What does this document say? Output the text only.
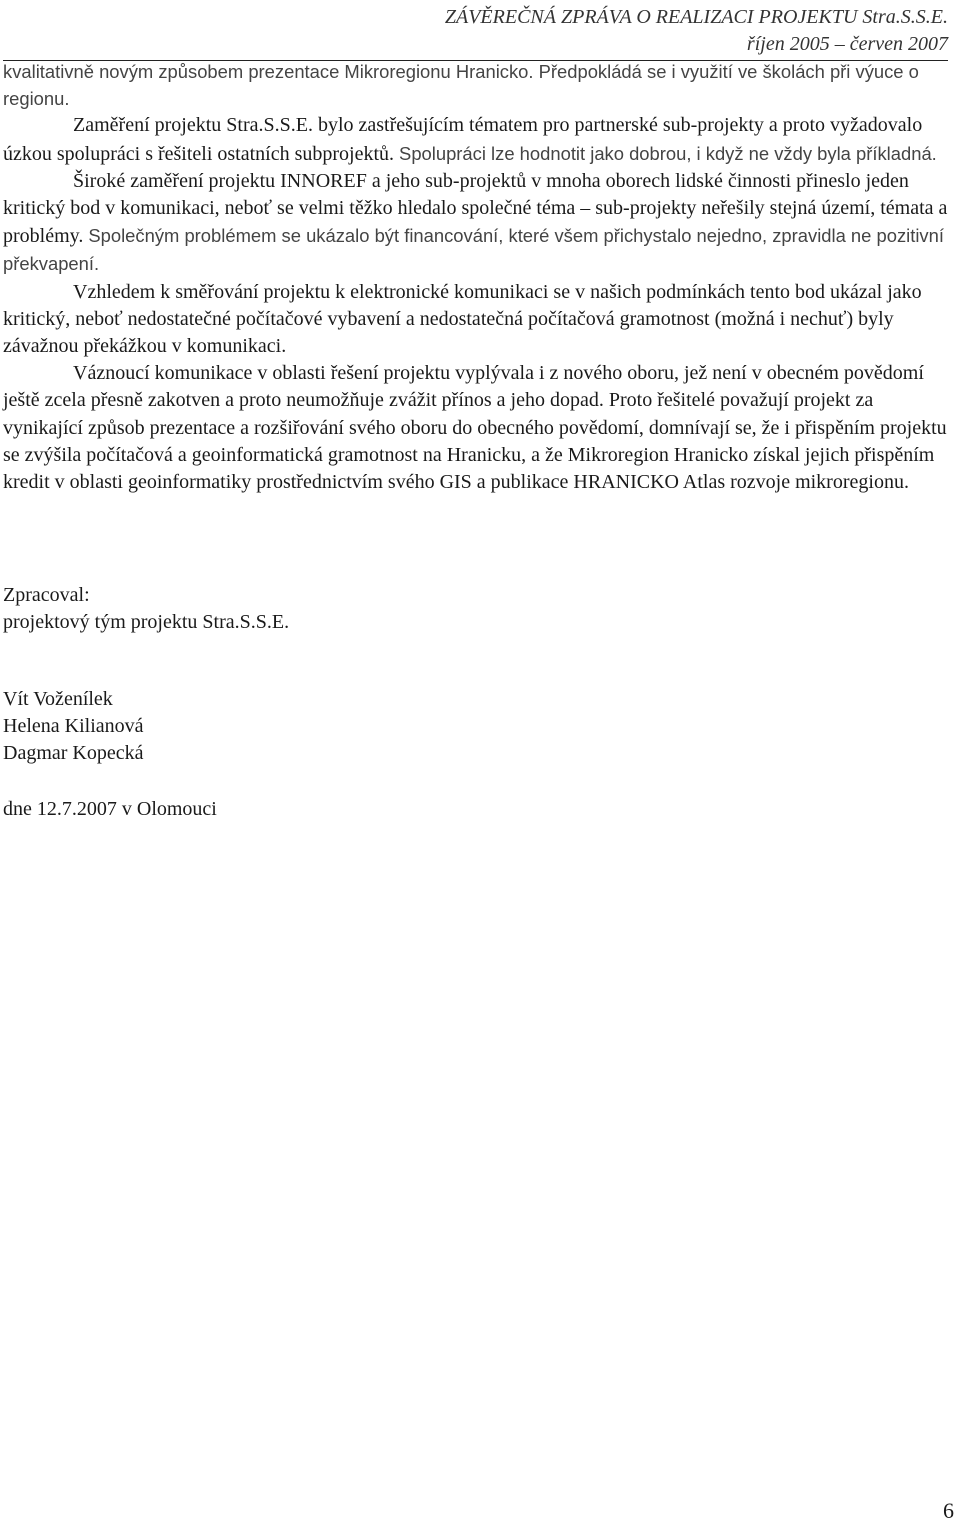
ZÁVĚREČNÁ ZPRÁVA O REALIZACI PROJEKTU Stra.S.S.E.
říjen 2005 – červen 2007

kvalitativně novým způsobem prezentace Mikroregionu Hranicko. Předpokládá se i využití ve školách při výuce o regionu.

Zaměření projektu Stra.S.S.E. bylo zastřešujícím tématem pro partnerské sub-projekty a proto vyžadovalo úzkou spolupráci s řešiteli ostatních subprojektů. Spolupráci lze hodnotit jako dobrou, i když ne vždy byla příkladná.

Široké zaměření projektu INNOREF a jeho sub-projektů v mnoha oborech lidské činnosti přineslo jeden kritický bod v komunikaci, neboť se velmi těžko hledalo společné téma – sub-projekty neřešily stejná území, témata a problémy. Společným problémem se ukázalo být financování, které všem přichystalo nejedno, zpravidla ne pozitivní překvapení.

Vzhledem k směřování projektu k elektronické komunikaci se v našich podmínkách tento bod ukázal jako kritický, neboť nedostatečné počítačové vybavení a nedostatečná počítačová gramotnost (možná i nechuť) byly závažnou překážkou v komunikaci.

Váznoucí komunikace v oblasti řešení projektu vyplývala i z nového oboru, jež není v obecném povědomí ještě zcela přesně zakotven a proto neumožňuje zvážit přínos a jeho dopad. Proto řešitelé považují projekt za vynikající způsob prezentace a rozšiřování svého oboru do obecného povědomí, domnívají se, že i přispěním projektu se zvýšila počítačová a geoinformatická gramotnost na Hranicku, a že Mikroregion Hranicko získal jejich přispěním kredit v oblasti geoinformatiky prostřednictvím svého GIS a publikace HRANICKO Atlas rozvoje mikroregionu.

Zpracoval:

projektový tým projektu Stra.S.S.E.

Vít Voženílek

Helena Kilianová

Dagmar Kopecká

dne 12.7.2007 v Olomouci

6
